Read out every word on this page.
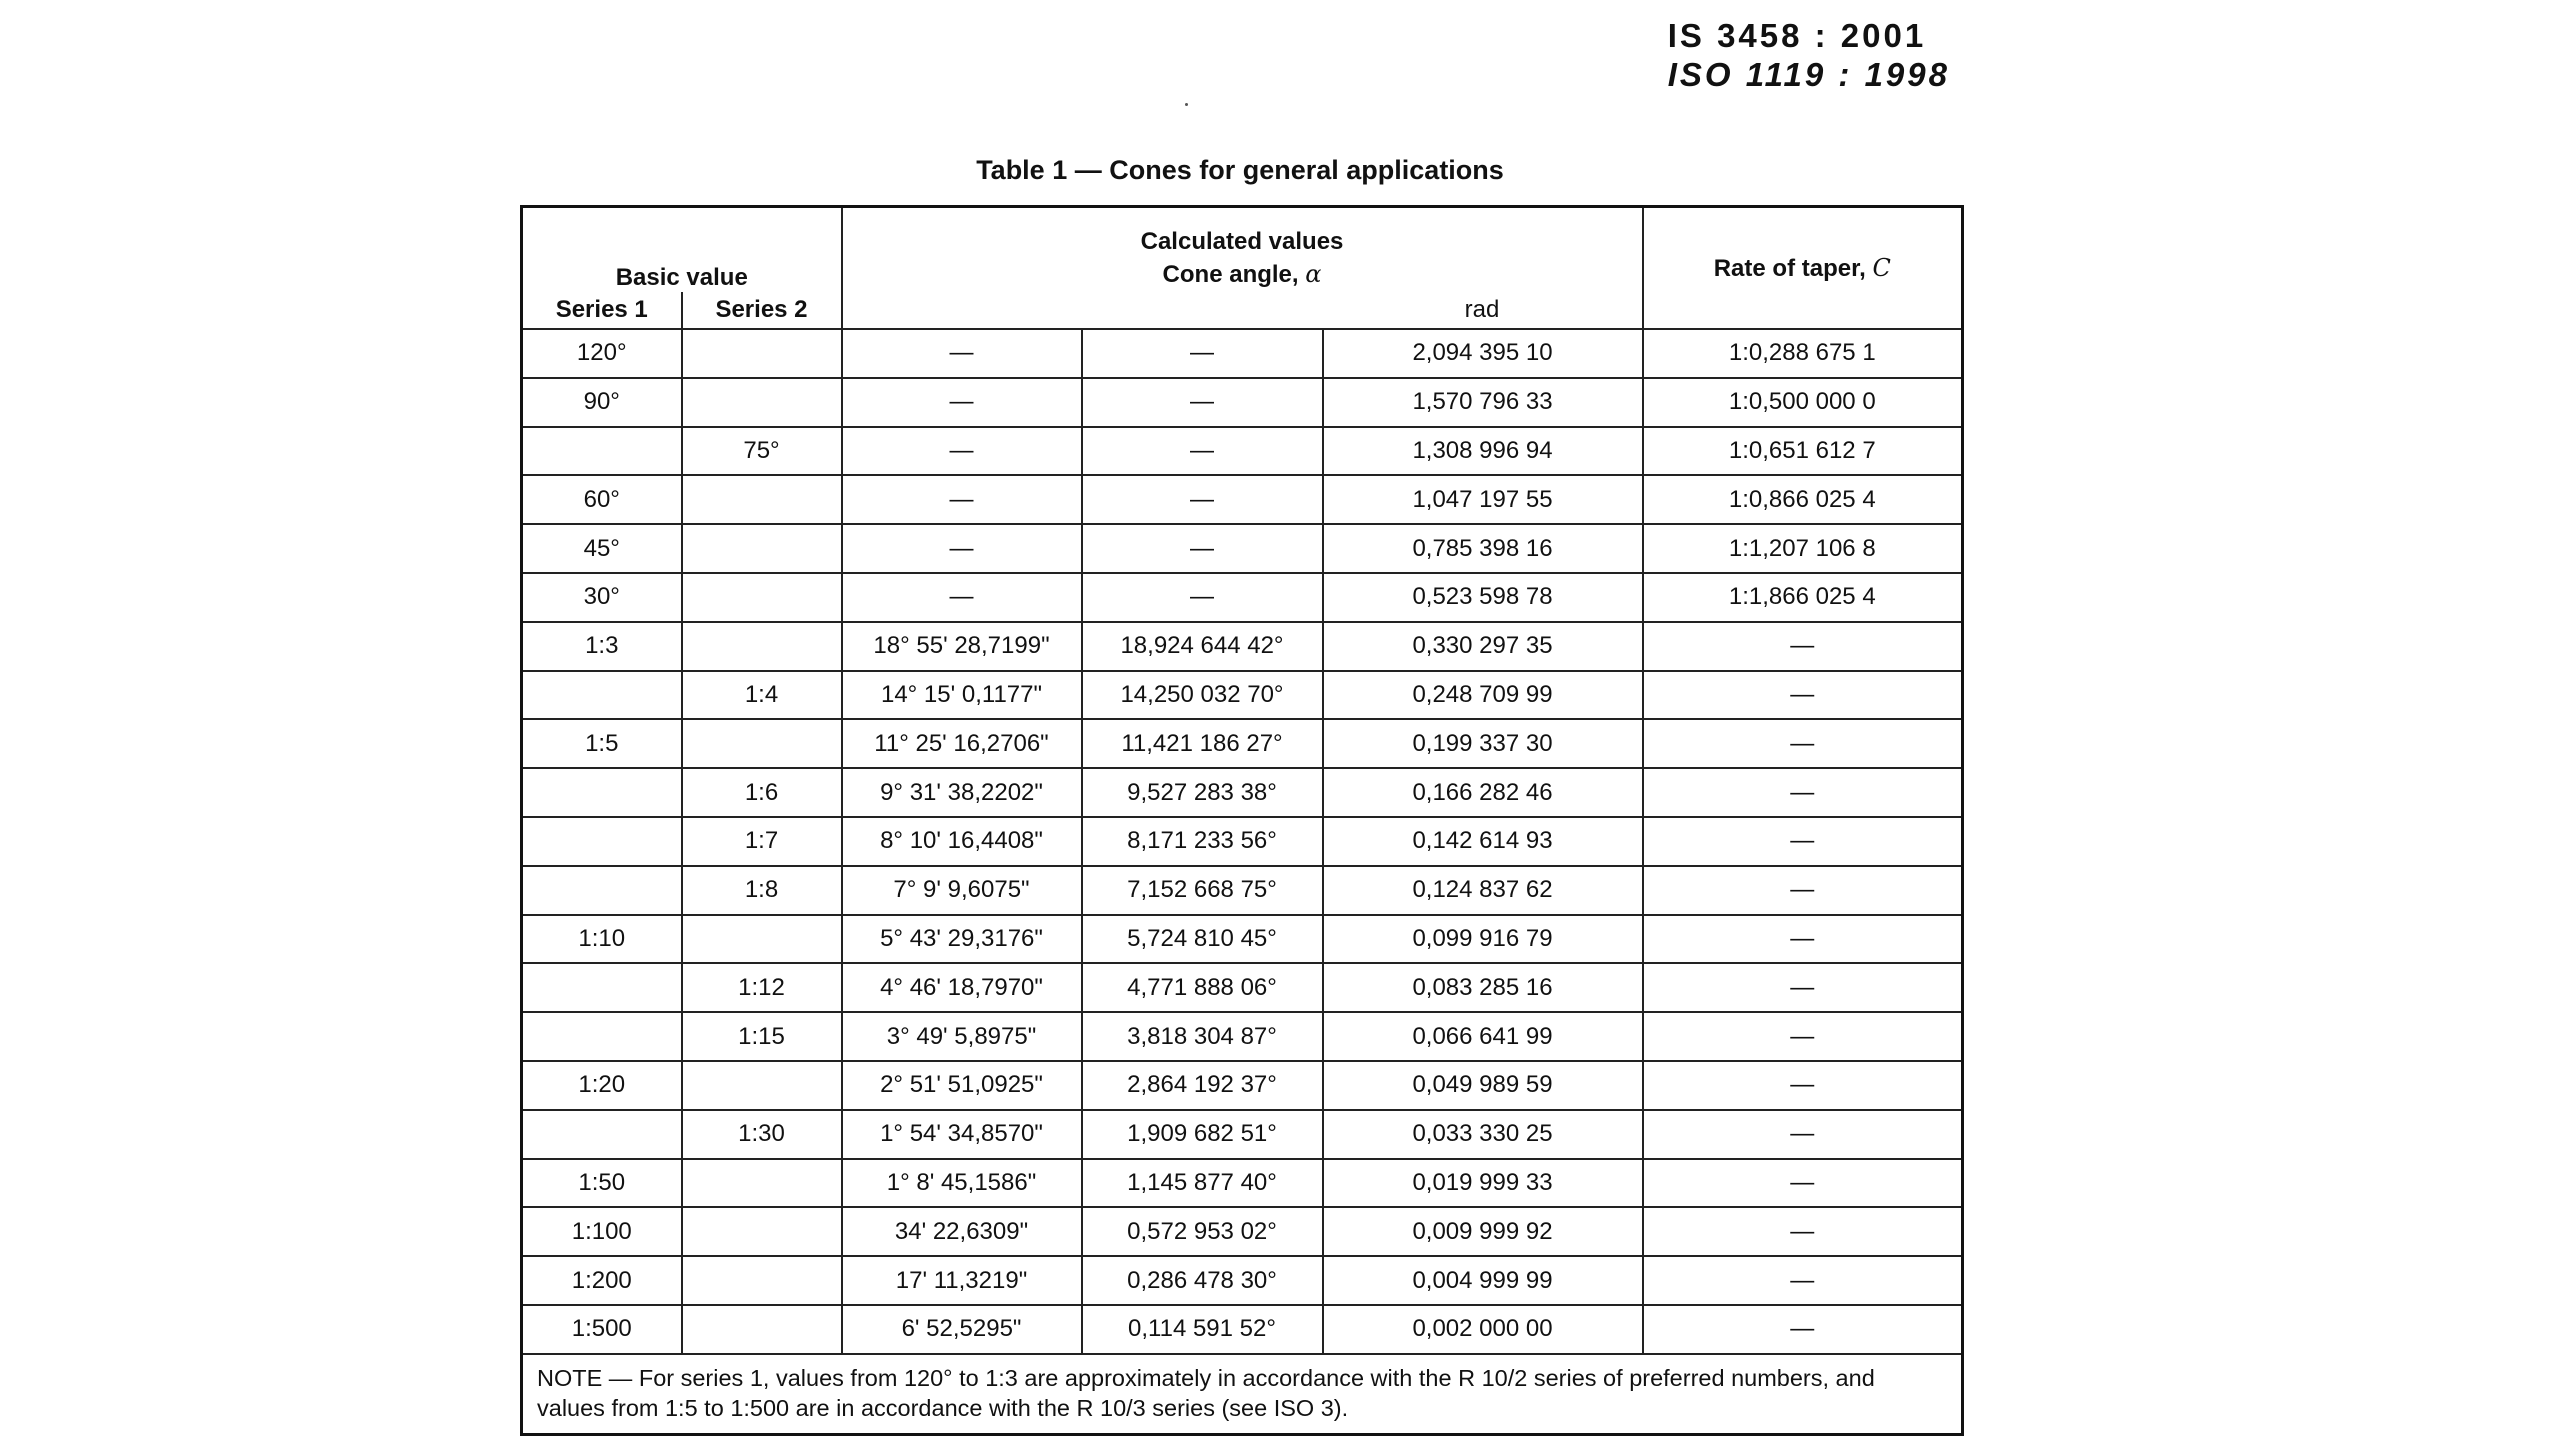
IS 3458 : 2001
ISO 1119 : 1998
Table 1 — Cones for general applications
		Calculated values			Rate of taper, C
Basic value		Cone angle, α			
Series 1	Series 2			rad	
120°		—	—	2,094 395 10	1:0,288 675 1
90°		—	—	1,570 796 33	1:0,500 000 0
	75°	—	—	1,308 996 94	1:0,651 612 7
60°		—	—	1,047 197 55	1:0,866 025 4
45°		—	—	0,785 398 16	1:1,207 106 8
30°		—	—	0,523 598 78	1:1,866 025 4
1:3		18° 55' 28,7199"	18,924 644 42°	0,330 297 35	—
	1:4	14° 15' 0,1177"	14,250 032 70°	0,248 709 99	—
1:5		11° 25' 16,2706"	11,421 186 27°	0,199 337 30	—
	1:6	9° 31' 38,2202"	9,527 283 38°	0,166 282 46	—
	1:7	8° 10' 16,4408"	8,171 233 56°	0,142 614 93	—
	1:8	7° 9' 9,6075"	7,152 668 75°	0,124 837 62	—
1:10		5° 43' 29,3176"	5,724 810 45°	0,099 916 79	—
	1:12	4° 46' 18,7970"	4,771 888 06°	0,083 285 16	—
	1:15	3° 49' 5,8975"	3,818 304 87°	0,066 641 99	—
1:20		2° 51' 51,0925"	2,864 192 37°	0,049 989 59	—
	1:30	1° 54' 34,8570"	1,909 682 51°	0,033 330 25	—
1:50		1° 8' 45,1586"	1,145 877 40°	0,019 999 33	—
1:100		34' 22,6309"	0,572 953 02°	0,009 999 92	—
1:200		17' 11,3219"	0,286 478 30°	0,004 999 99	—
1:500		6' 52,5295"	0,114 591 52°	0,002 000 00	—
NOTE — For series 1, values from 120° to 1:3 are approximately in accordance with the R 10/2 series of preferred numbers, and values from 1:5 to 1:500 are in accordance with the R 10/3 series (see ISO 3).					
